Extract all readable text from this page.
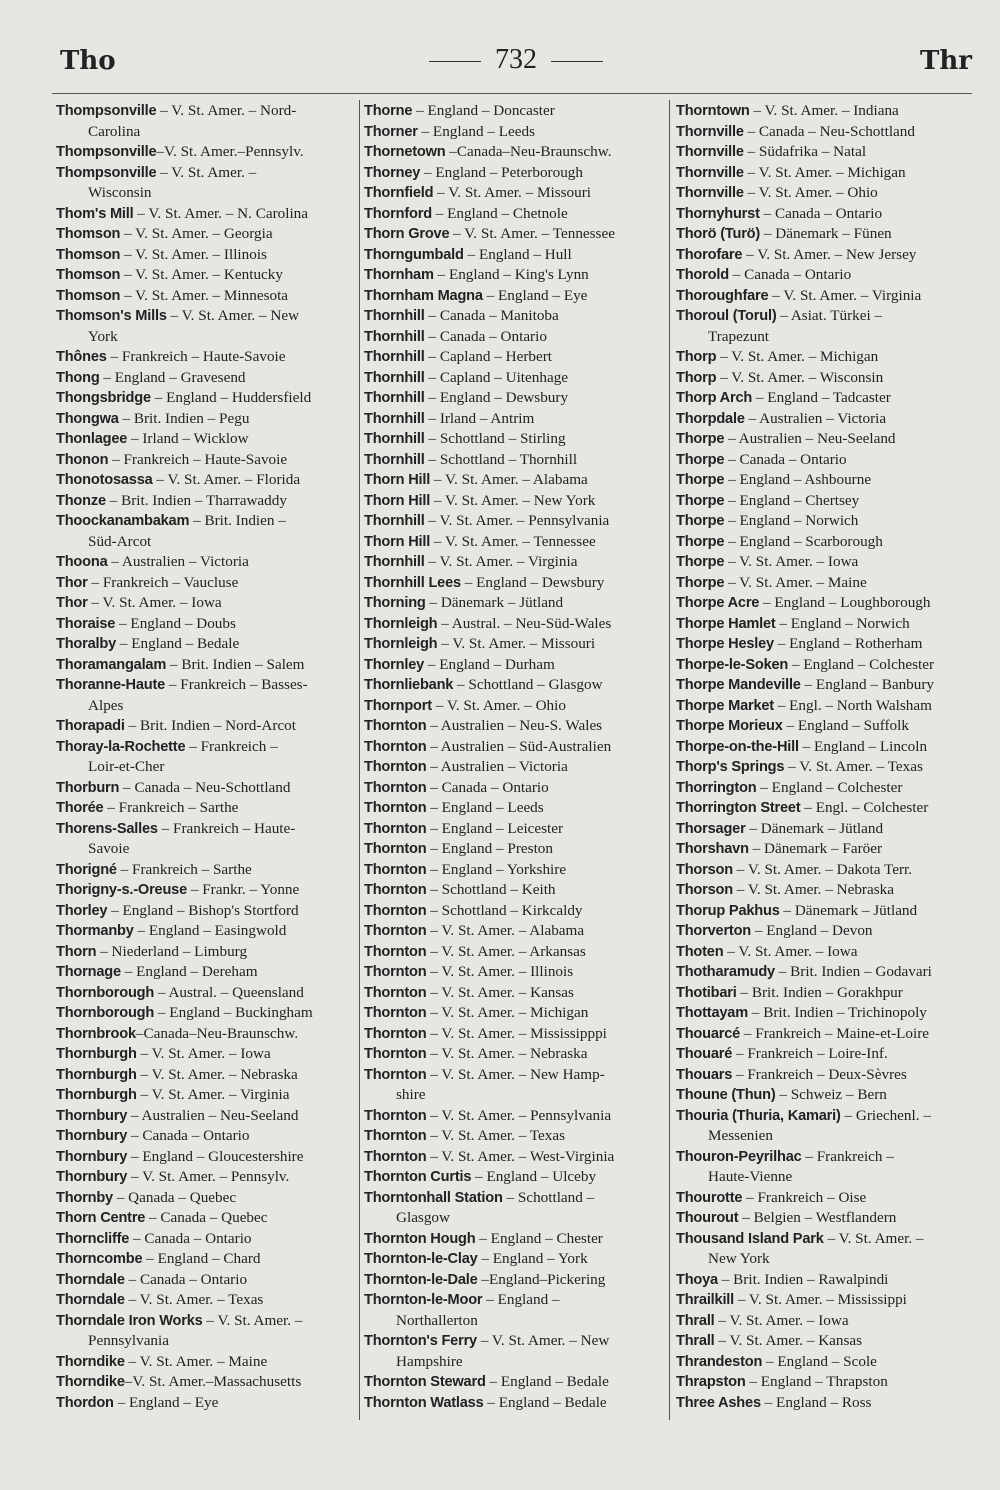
Tho	732	Thr
Thompsonville – V. St. Amer. – Nord-
Carolina
Thompsonville–V. St. Amer.–Pennsylv.
Thompsonville – V. St. Amer. –
Wisconsin
Thom's Mill – V. St. Amer. – N. Carolina
Thomson – V. St. Amer. – Georgia
Thomson – V. St. Amer. – Illinois
Thomson – V. St. Amer. – Kentucky
Thomson – V. St. Amer. – Minnesota
Thomson's Mills – V. St. Amer. – New
York
Thônes – Frankreich – Haute-Savoie
Thong – England – Gravesend
Thongsbridge – England – Huddersfield
Thongwa – Brit. Indien – Pegu
Thonlagee – Irland – Wicklow
Thonon – Frankreich – Haute-Savoie
Thonotosassa – V. St. Amer. – Florida
Thonze – Brit. Indien – Tharrawaddy
Thoockanambakam – Brit. Indien –
Süd-Arcot
Thoona – Australien – Victoria
Thor – Frankreich – Vaucluse
Thor – V. St. Amer. – Iowa
Thoraise – England – Doubs
Thoralby – England – Bedale
Thoramangalam – Brit. Indien – Salem
Thoranne-Haute – Frankreich – Basses-
Alpes
Thorapadi – Brit. Indien – Nord-Arcot
Thoray-la-Rochette – Frankreich –
Loir-et-Cher
Thorburn – Canada – Neu-Schottland
Thorée – Frankreich – Sarthe
Thorens-Salles – Frankreich – Haute-
Savoie
Thorigné – Frankreich – Sarthe
Thorigny-s.-Oreuse – Frankr. – Yonne
Thorley – England – Bishop's Stortford
Thormanby – England – Easingwold
Thorn – Niederland – Limburg
Thornage – England – Dereham
Thornborough – Austral. – Queensland
Thornborough – England – Buckingham
Thornbrook–Canada–Neu-Braunschw.
Thornburgh – V. St. Amer. – Iowa
Thornburgh – V. St. Amer. – Nebraska
Thornburgh – V. St. Amer. – Virginia
Thornbury – Australien – Neu-Seeland
Thornbury – Canada – Ontario
Thornbury – England – Gloucestershire
Thornbury – V. St. Amer. – Pennsylv.
Thornby – Qanada – Quebec
Thorn Centre – Canada – Quebec
Thorncliffe – Canada – Ontario
Thorncombe – England – Chard
Thorndale – Canada – Ontario
Thorndale – V. St. Amer. – Texas
Thorndale Iron Works – V. St. Amer. –
Pennsylvania
Thorndike – V. St. Amer. – Maine
Thorndike–V. St. Amer.–Massachusetts
Thordon – England – Eye
Thorne – England – Doncaster
Thorner – England – Leeds
Thornetown –Canada–Neu-Braunschw.
Thorney – England – Peterborough
Thornfield – V. St. Amer. – Missouri
Thornford – England – Chetnole
Thorn Grove – V. St. Amer. – Tennessee
Thorngumbald – England – Hull
Thornham – England – King's Lynn
Thornham Magna – England – Eye
Thornhill – Canada – Manitoba
Thornhill – Canada – Ontario
Thornhill – Capland – Herbert
Thornhill – Capland – Uitenhage
Thornhill – England – Dewsbury
Thornhill – Irland – Antrim
Thornhill – Schottland – Stirling
Thornhill – Schottland – Thornhill
Thorn Hill – V. St. Amer. – Alabama
Thorn Hill – V. St. Amer. – New York
Thornhill – V. St. Amer. – Pennsylvania
Thorn Hill – V. St. Amer. – Tennessee
Thornhill – V. St. Amer. – Virginia
Thornhill Lees – England – Dewsbury
Thorning – Dänemark – Jütland
Thornleigh – Austral. – Neu-Süd-Wales
Thornleigh – V. St. Amer. – Missouri
Thornley – England – Durham
Thornliebank – Schottland – Glasgow
Thornport – V. St. Amer. – Ohio
Thornton – Australien – Neu-S. Wales
Thornton – Australien – Süd-Australien
Thornton – Australien – Victoria
Thornton – Canada – Ontario
Thornton – England – Leeds
Thornton – England – Leicester
Thornton – England – Preston
Thornton – England – Yorkshire
Thornton – Schottland – Keith
Thornton – Schottland – Kirkcaldy
Thornton – V. St. Amer. – Alabama
Thornton – V. St. Amer. – Arkansas
Thornton – V. St. Amer. – Illinois
Thornton – V. St. Amer. – Kansas
Thornton – V. St. Amer. – Michigan
Thornton – V. St. Amer. – Mississipppi
Thornton – V. St. Amer. – Nebraska
Thornton – V. St. Amer. – New Hamp-
shire
Thornton – V. St. Amer. – Pennsylvania
Thornton – V. St. Amer. – Texas
Thornton – V. St. Amer. – West-Virginia
Thornton Curtis – England – Ulceby
Thorntonhall Station – Schottland –
Glasgow
Thornton Hough – England – Chester
Thornton-le-Clay – England – York
Thornton-le-Dale –England–Pickering
Thornton-le-Moor – England –
Northallerton
Thornton's Ferry – V. St. Amer. – New
Hampshire
Thornton Steward – England – Bedale
Thornton Watlass – England – Bedale
Thorntown – V. St. Amer. – Indiana
Thornville – Canada – Neu-Schottland
Thornville – Südafrika – Natal
Thornville – V. St. Amer. – Michigan
Thornville – V. St. Amer. – Ohio
Thornyhurst – Canada – Ontario
Thorö (Turö) – Dänemark – Fünen
Thorofare – V. St. Amer. – New Jersey
Thorold – Canada – Ontario
Thoroughfare – V. St. Amer. – Virginia
Thoroul (Torul) – Asiat. Türkei –
Trapezunt
Thorp – V. St. Amer. – Michigan
Thorp – V. St. Amer. – Wisconsin
Thorp Arch – England – Tadcaster
Thorpdale – Australien – Victoria
Thorpe – Australien – Neu-Seeland
Thorpe – Canada – Ontario
Thorpe – England – Ashbourne
Thorpe – England – Chertsey
Thorpe – England – Norwich
Thorpe – England – Scarborough
Thorpe – V. St. Amer. – Iowa
Thorpe – V. St. Amer. – Maine
Thorpe Acre – England – Loughborough
Thorpe Hamlet – England – Norwich
Thorpe Hesley – England – Rotherham
Thorpe-le-Soken – England – Colchester
Thorpe Mandeville – England – Banbury
Thorpe Market – Engl. – North Walsham
Thorpe Morieux – England – Suffolk
Thorpe-on-the-Hill – England – Lincoln
Thorp's Springs – V. St. Amer. – Texas
Thorrington – England – Colchester
Thorrington Street – Engl. – Colchester
Thorsager – Dänemark – Jütland
Thorshavn – Dänemark – Faröer
Thorson – V. St. Amer. – Dakota Terr.
Thorson – V. St. Amer. – Nebraska
Thorup Pakhus – Dänemark – Jütland
Thorverton – England – Devon
Thoten – V. St. Amer. – Iowa
Thotharamudy – Brit. Indien – Godavari
Thotibari – Brit. Indien – Gorakhpur
Thottayam – Brit. Indien – Trichinopoly
Thouarcé – Frankreich – Maine-et-Loire
Thouaré – Frankreich – Loire-Inf.
Thouars – Frankreich – Deux-Sèvres
Thoune (Thun) – Schweiz – Bern
Thouria (Thuria, Kamari) – Griechenl. –
Messenien
Thouron-Peyrilhac – Frankreich –
Haute-Vienne
Thourotte – Frankreich – Oise
Thourout – Belgien – Westflandern
Thousand Island Park – V. St. Amer. –
New York
Thoya – Brit. Indien – Rawalpindi
Thrailkill – V. St. Amer. – Mississippi
Thrall – V. St. Amer. – Iowa
Thrall – V. St. Amer. – Kansas
Thrandeston – England – Scole
Thrapston – England – Thrapston
Three Ashes – England – Ross
